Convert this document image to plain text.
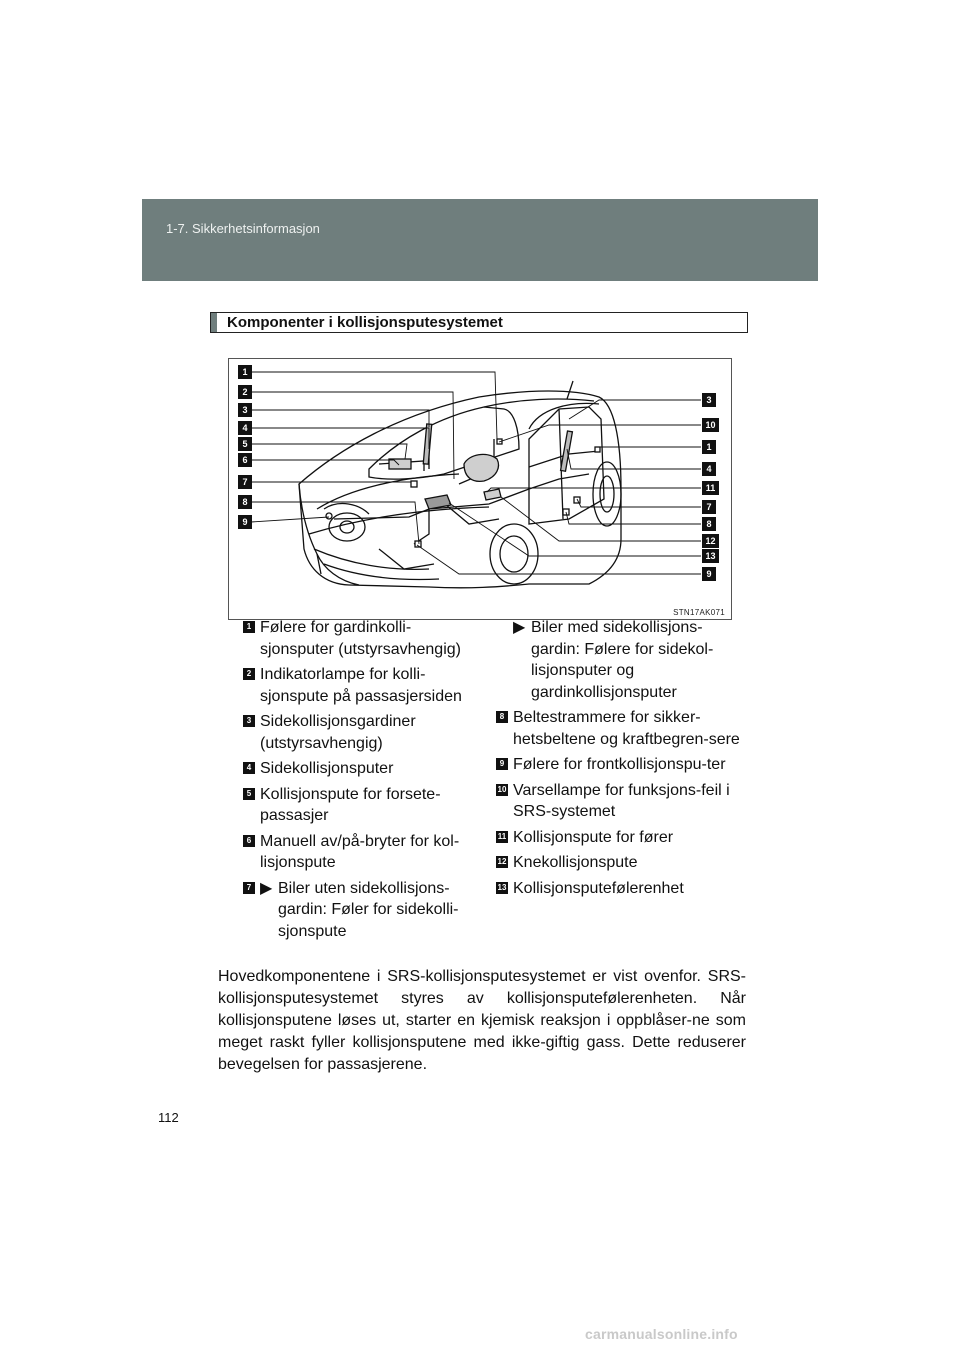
1-7. Sikkerhetsinformasjon
Komponenter i kollisjonsputesystemet
1
2
3
4
5
6
7
8
9
3
10
1
4
11
7
8
12
13
9
STN17AK071
1 Følere for gardinkolli-sjonsputer (utstyrsavhengig)
2 Indikatorlampe for kolli-sjonspute på passasjersiden
3 Sidekollisjonsgardiner (utstyrsavhengig)
4 Sidekollisjonsputer
5 Kollisjonspute for forsete-passasjer
6 Manuell av/på-bryter for kol-lisjonspute
7 ▶ Biler uten sidekollisjons-gardin: Føler for sidekolli-sjonspute
▶ Biler med sidekollisjons-gardin: Følere for sidekol-lisjonsputer og gardinkollisjonsputer
8 Beltestrammere for sikker-hetsbeltene og kraftbegren-sere
9 Følere for frontkollisjonspu-ter
10 Varsellampe for funksjons-feil i SRS-systemet
11 Kollisjonspute for fører
12 Knekollisjonspute
13 Kollisjonsputefølerenhet
Hovedkomponentene i SRS-kollisjonsputesystemet er vist ovenfor. SRS-kollisjonsputesystemet styres av kollisjonsputefølerenheten. Når kollisjonsputene løses ut, starter en kjemisk reaksjon i oppblåser-ne som meget raskt fyller kollisjonsputene med ikke-giftig gass. Dette reduserer bevegelsen for passasjerene.
112
carmanualsonline.info
